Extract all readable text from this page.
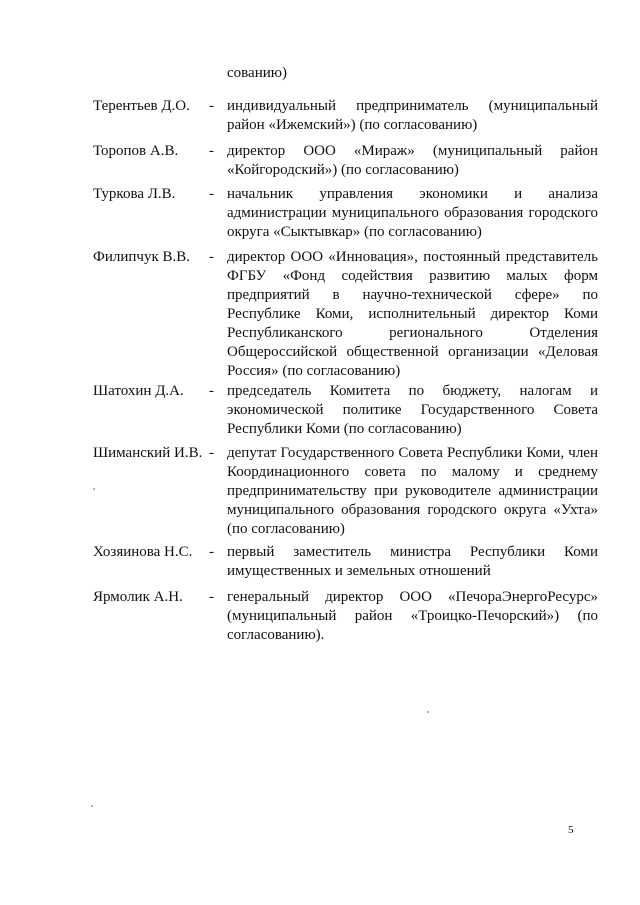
сованию)
Терентьев Д.О. - индивидуальный предприниматель (муниципальный район «Ижемский») (по согласованию)
Торопов А.В. - директор ООО «Мираж» (муниципальный район «Койгородский») (по согласованию)
Туркова Л.В. - начальник управления экономики и анализа администрации муниципального образования городского округа «Сыктывкар» (по согласованию)
Филипчук В.В. - директор ООО «Инновация», постоянный представитель ФГБУ «Фонд содействия развитию малых форм предприятий в научно-технической сфере» по Республике Коми, исполнительный директор Коми Республиканского регионального Отделения Общероссийской общественной организации «Деловая Россия» (по согласованию)
Шатохин Д.А. - председатель Комитета по бюджету, налогам и экономической политике Государственного Совета Республики Коми (по согласованию)
Шиманский И.В. - депутат Государственного Совета Республики Коми, член Координационного совета по малому и среднему предпринимательству при руководителе администрации муниципального образования городского округа «Ухта» (по согласованию)
Хозяинова Н.С. - первый заместитель министра Республики Коми имущественных и земельных отношений
Ярмолик А.Н. - генеральный директор ООО «ПечораЭнергоРесурс» (муниципальный район «Троицко-Печорский») (по согласованию).
5
